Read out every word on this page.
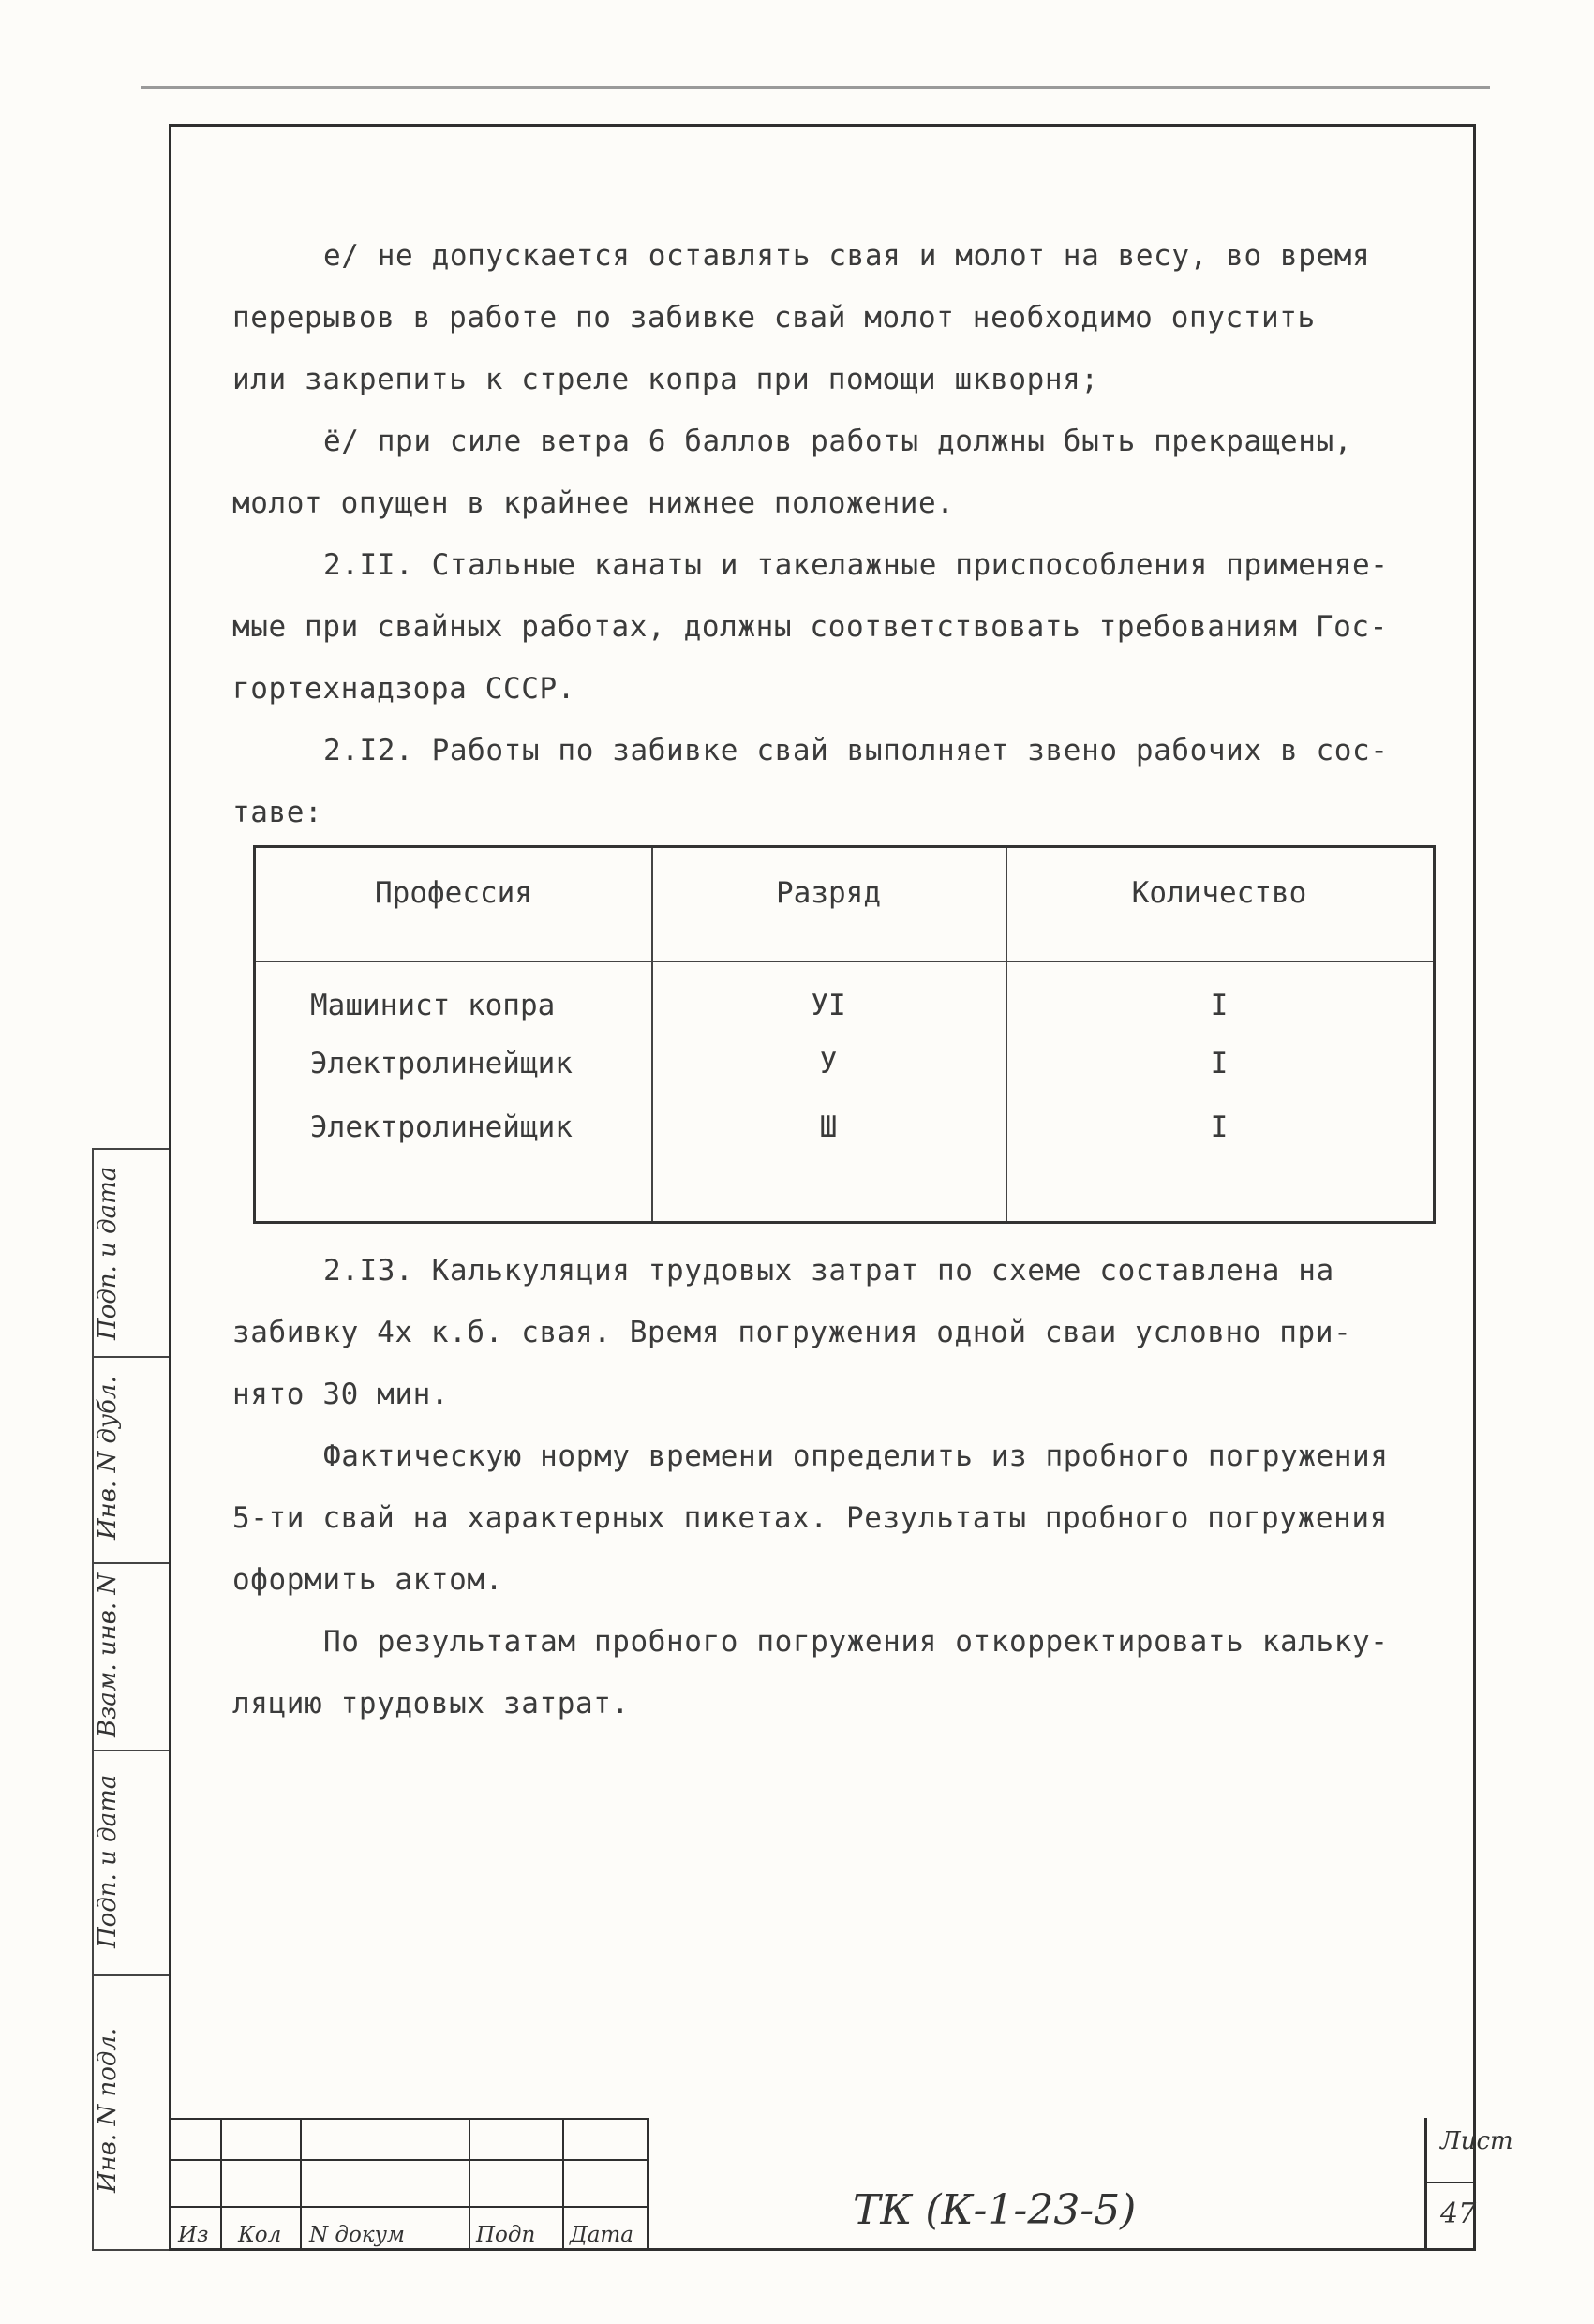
е/ не допускается оставлять свая и молот на весу, во время
перерывов в работе по забивке свай молот необходимо опустить
или закрепить к стреле копра при помощи шкворня;
ё/ при силе ветра 6 баллов работы должны быть прекращены,
молот опущен в крайнее нижнее положение.
2.II. Стальные канаты и такелажные приспособления применяе-
мые при свайных работах, должны соответствовать требованиям Гос-
гортехнадзора СССР.
2.I2. Работы по забивке свай выполняет звено рабочих в сос-
таве:
2.I3. Калькуляция трудовых затрат по схеме составлена на
забивку 4x к.б. свая. Время погружения одной сваи условно при-
нято 30 мин.
Фактическую норму времени определить из пробного погружения
5-ти свай на характерных пикетах. Результаты пробного погружения
оформить актом.
По результатам пробного погружения откорректировать кальку-
ляцию трудовых затрат.
Профессия	Разряд	Количество
Машинист копра	УI	I
Электролинейщик	У	I
Электролинейщик	Ш	I
Подп. и дата
Инв. N дубл.
Взам. инв. N
Подп. и дата
Инв. N подл.
Из Кол N докум	Подп Дата
ТК (К-1-23-5)
Лист
47
